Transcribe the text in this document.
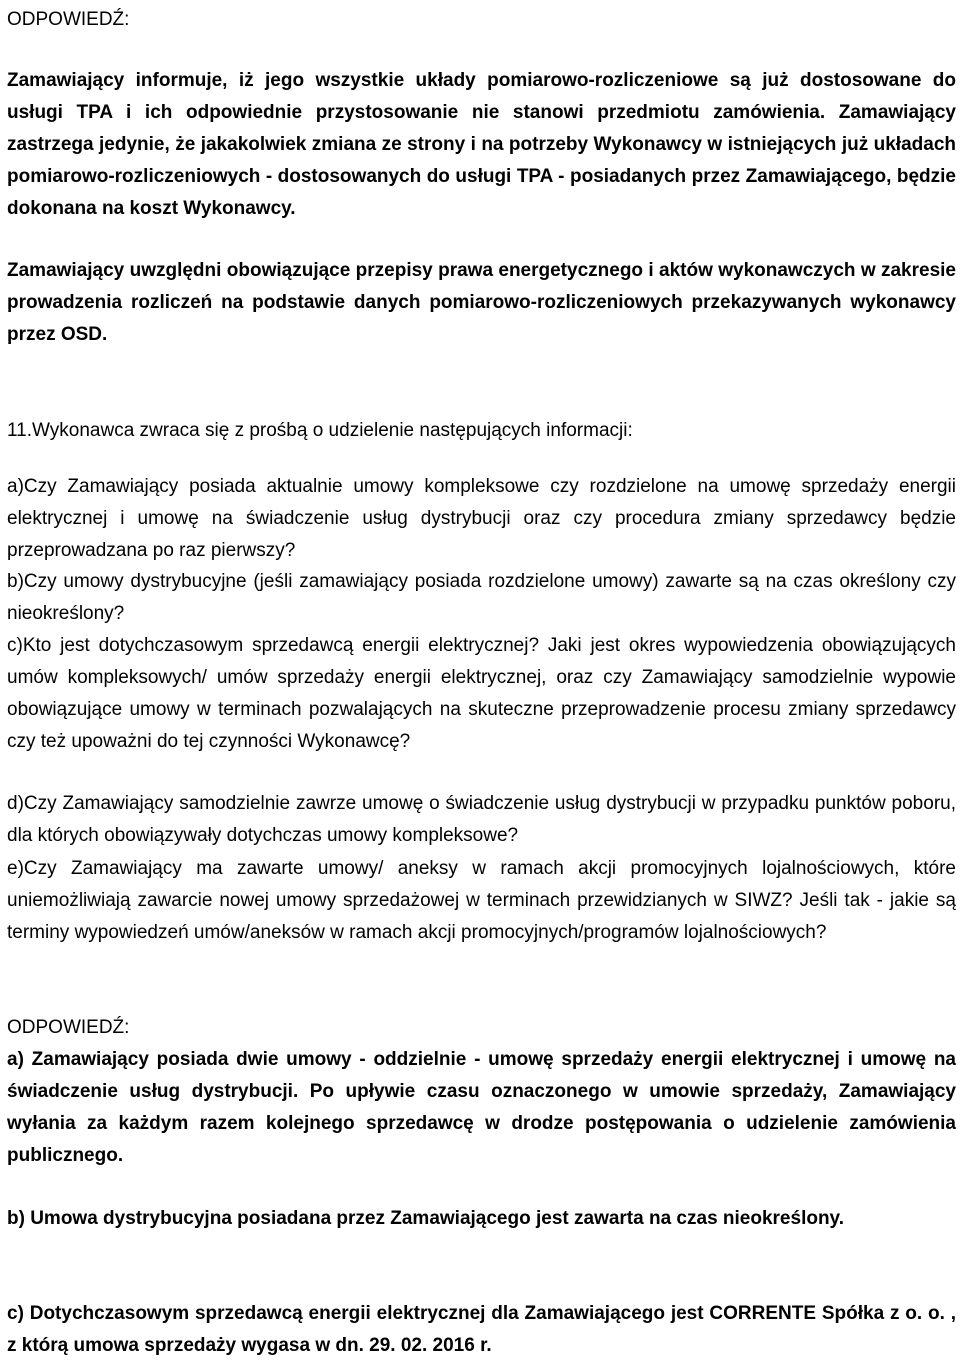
ODPOWIEDŹ:

Zamawiający informuje, iż jego wszystkie układy pomiarowo-rozliczeniowe są już dostosowane do usługi TPA i ich odpowiednie przystosowanie nie stanowi przedmiotu zamówienia. Zamawiający zastrzega jedynie, że jakakolwiek zmiana ze strony i na potrzeby Wykonawcy w istniejących już układach pomiarowo-rozliczeniowych - dostosowanych do usługi TPA - posiadanych przez Zamawiającego, będzie dokonana na koszt Wykonawcy.

Zamawiający uwzględni obowiązujące przepisy prawa energetycznego i aktów wykonawczych w zakresie prowadzenia rozliczeń na podstawie danych pomiarowo-rozliczeniowych przekazywanych wykonawcy przez OSD.

11.Wykonawca zwraca się z prośbą o udzielenie następujących informacji:

a)Czy Zamawiający posiada aktualnie umowy kompleksowe czy rozdzielone na umowę sprzedaży energii elektrycznej i umowę na świadczenie usług dystrybucji oraz czy procedura zmiany sprzedawcy będzie przeprowadzana po raz pierwszy?

b)Czy umowy dystrybucyjne (jeśli zamawiający posiada rozdzielone umowy) zawarte są na czas określony czy nieokreślony?

c)Kto jest dotychczasowym sprzedawcą energii elektrycznej? Jaki jest okres wypowiedzenia obowiązujących umów kompleksowych/ umów sprzedaży energii elektrycznej, oraz czy Zamawiający samodzielnie wypowie obowiązujące umowy w terminach pozwalających na skuteczne przeprowadzenie procesu zmiany sprzedawcy czy też upoważni do tej czynności Wykonawcę?

d)Czy Zamawiający samodzielnie zawrze umowę o świadczenie usług dystrybucji w przypadku punktów poboru, dla których obowiązywały dotychczas umowy kompleksowe?

e)Czy Zamawiający ma zawarte umowy/ aneksy w ramach akcji promocyjnych lojalnościowych, które uniemożliwiają zawarcie nowej umowy sprzedażowej w terminach przewidzianych w SIWZ? Jeśli tak - jakie są terminy wypowiedzeń umów/aneksów w ramach akcji promocyjnych/programów lojalnościowych?

ODPOWIEDŹ:

a) Zamawiający posiada dwie umowy - oddzielnie - umowę sprzedaży energii elektrycznej i umowę na świadczenie usług dystrybucji. Po upływie czasu oznaczonego w umowie sprzedaży, Zamawiający wyłania za każdym razem kolejnego sprzedawcę w drodze postępowania o udzielenie zamówienia publicznego.

b) Umowa dystrybucyjna posiadana przez Zamawiającego jest zawarta na czas nieokreślony.

c) Dotychczasowym sprzedawcą energii elektrycznej dla Zamawiającego jest CORRENTE Spółka z o. o. , z którą umowa sprzedaży wygasa w dn. 29. 02. 2016 r.
